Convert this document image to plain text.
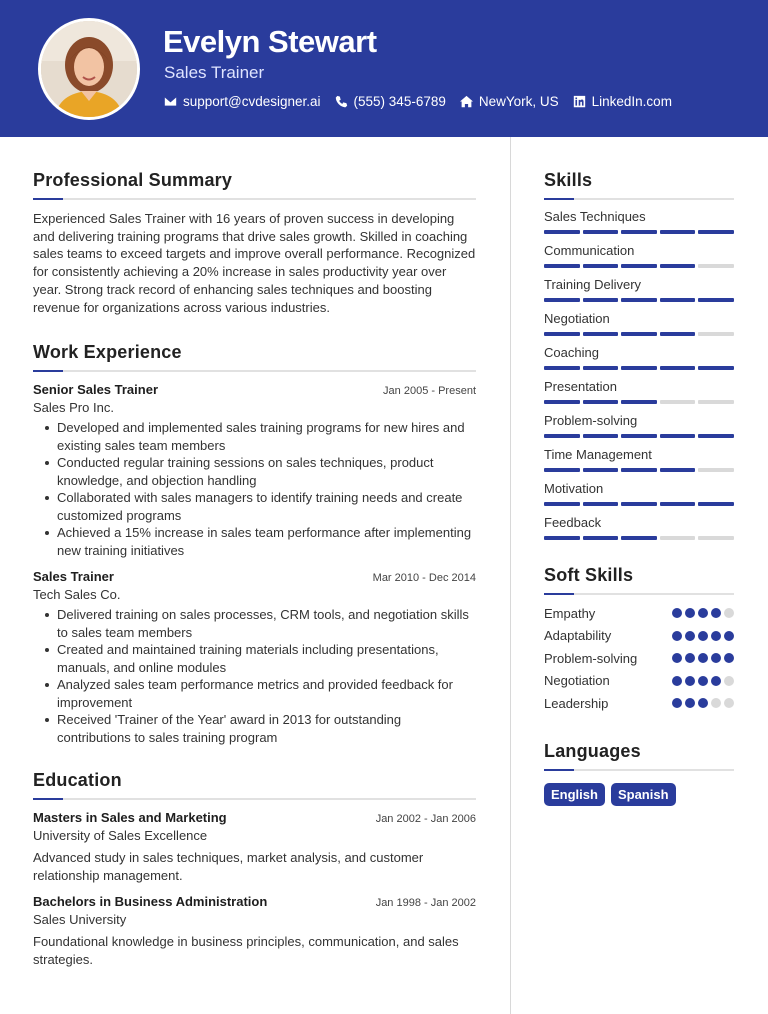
Evelyn Stewart
Sales Trainer
support@cvdesigner.ai (555) 345-6789 NewYork, US LinkedIn.com
Professional Summary

Experienced Sales Trainer with 16 years of proven success in developing and delivering training programs that drive sales growth. Skilled in coaching sales teams to exceed targets and improve overall performance. Recognized for consistently achieving a 20% increase in sales productivity year over year. Strong track record of enhancing sales techniques and boosting revenue for organizations across various industries.

Work Experience
Senior Sales Trainer	Jan 2005 - Present
Sales Pro Inc.
Developed and implemented sales training programs for new hires and existing sales team members
Conducted regular training sessions on sales techniques, product knowledge, and objection handling
Collaborated with sales managers to identify training needs and create customized programs
Achieved a 15% increase in sales team performance after implementing new training initiatives
Sales Trainer	Mar 2010 - Dec 2014
Tech Sales Co.
Delivered training on sales processes, CRM tools, and negotiation skills to sales team members
Created and maintained training materials including presentations, manuals, and online modules
Analyzed sales team performance metrics and provided feedback for improvement
Received 'Trainer of the Year' award in 2013 for outstanding contributions to sales training program
Education
Masters in Sales and Marketing	Jan 2002 - Jan 2006
University of Sales Excellence

Advanced study in sales techniques, market analysis, and customer relationship management.

Bachelors in Business Administration	Jan 1998 - Jan 2002
Sales University

Foundational knowledge in business principles, communication, and sales strategies.

Skills
Sales Techniques
Communication
Training Delivery
Negotiation
Coaching
Presentation
Problem-solving
Time Management
Motivation
Feedback
Soft Skills
Empathy
Adaptability
Problem-solving
Negotiation
Leadership
Languages
English	Spanish
